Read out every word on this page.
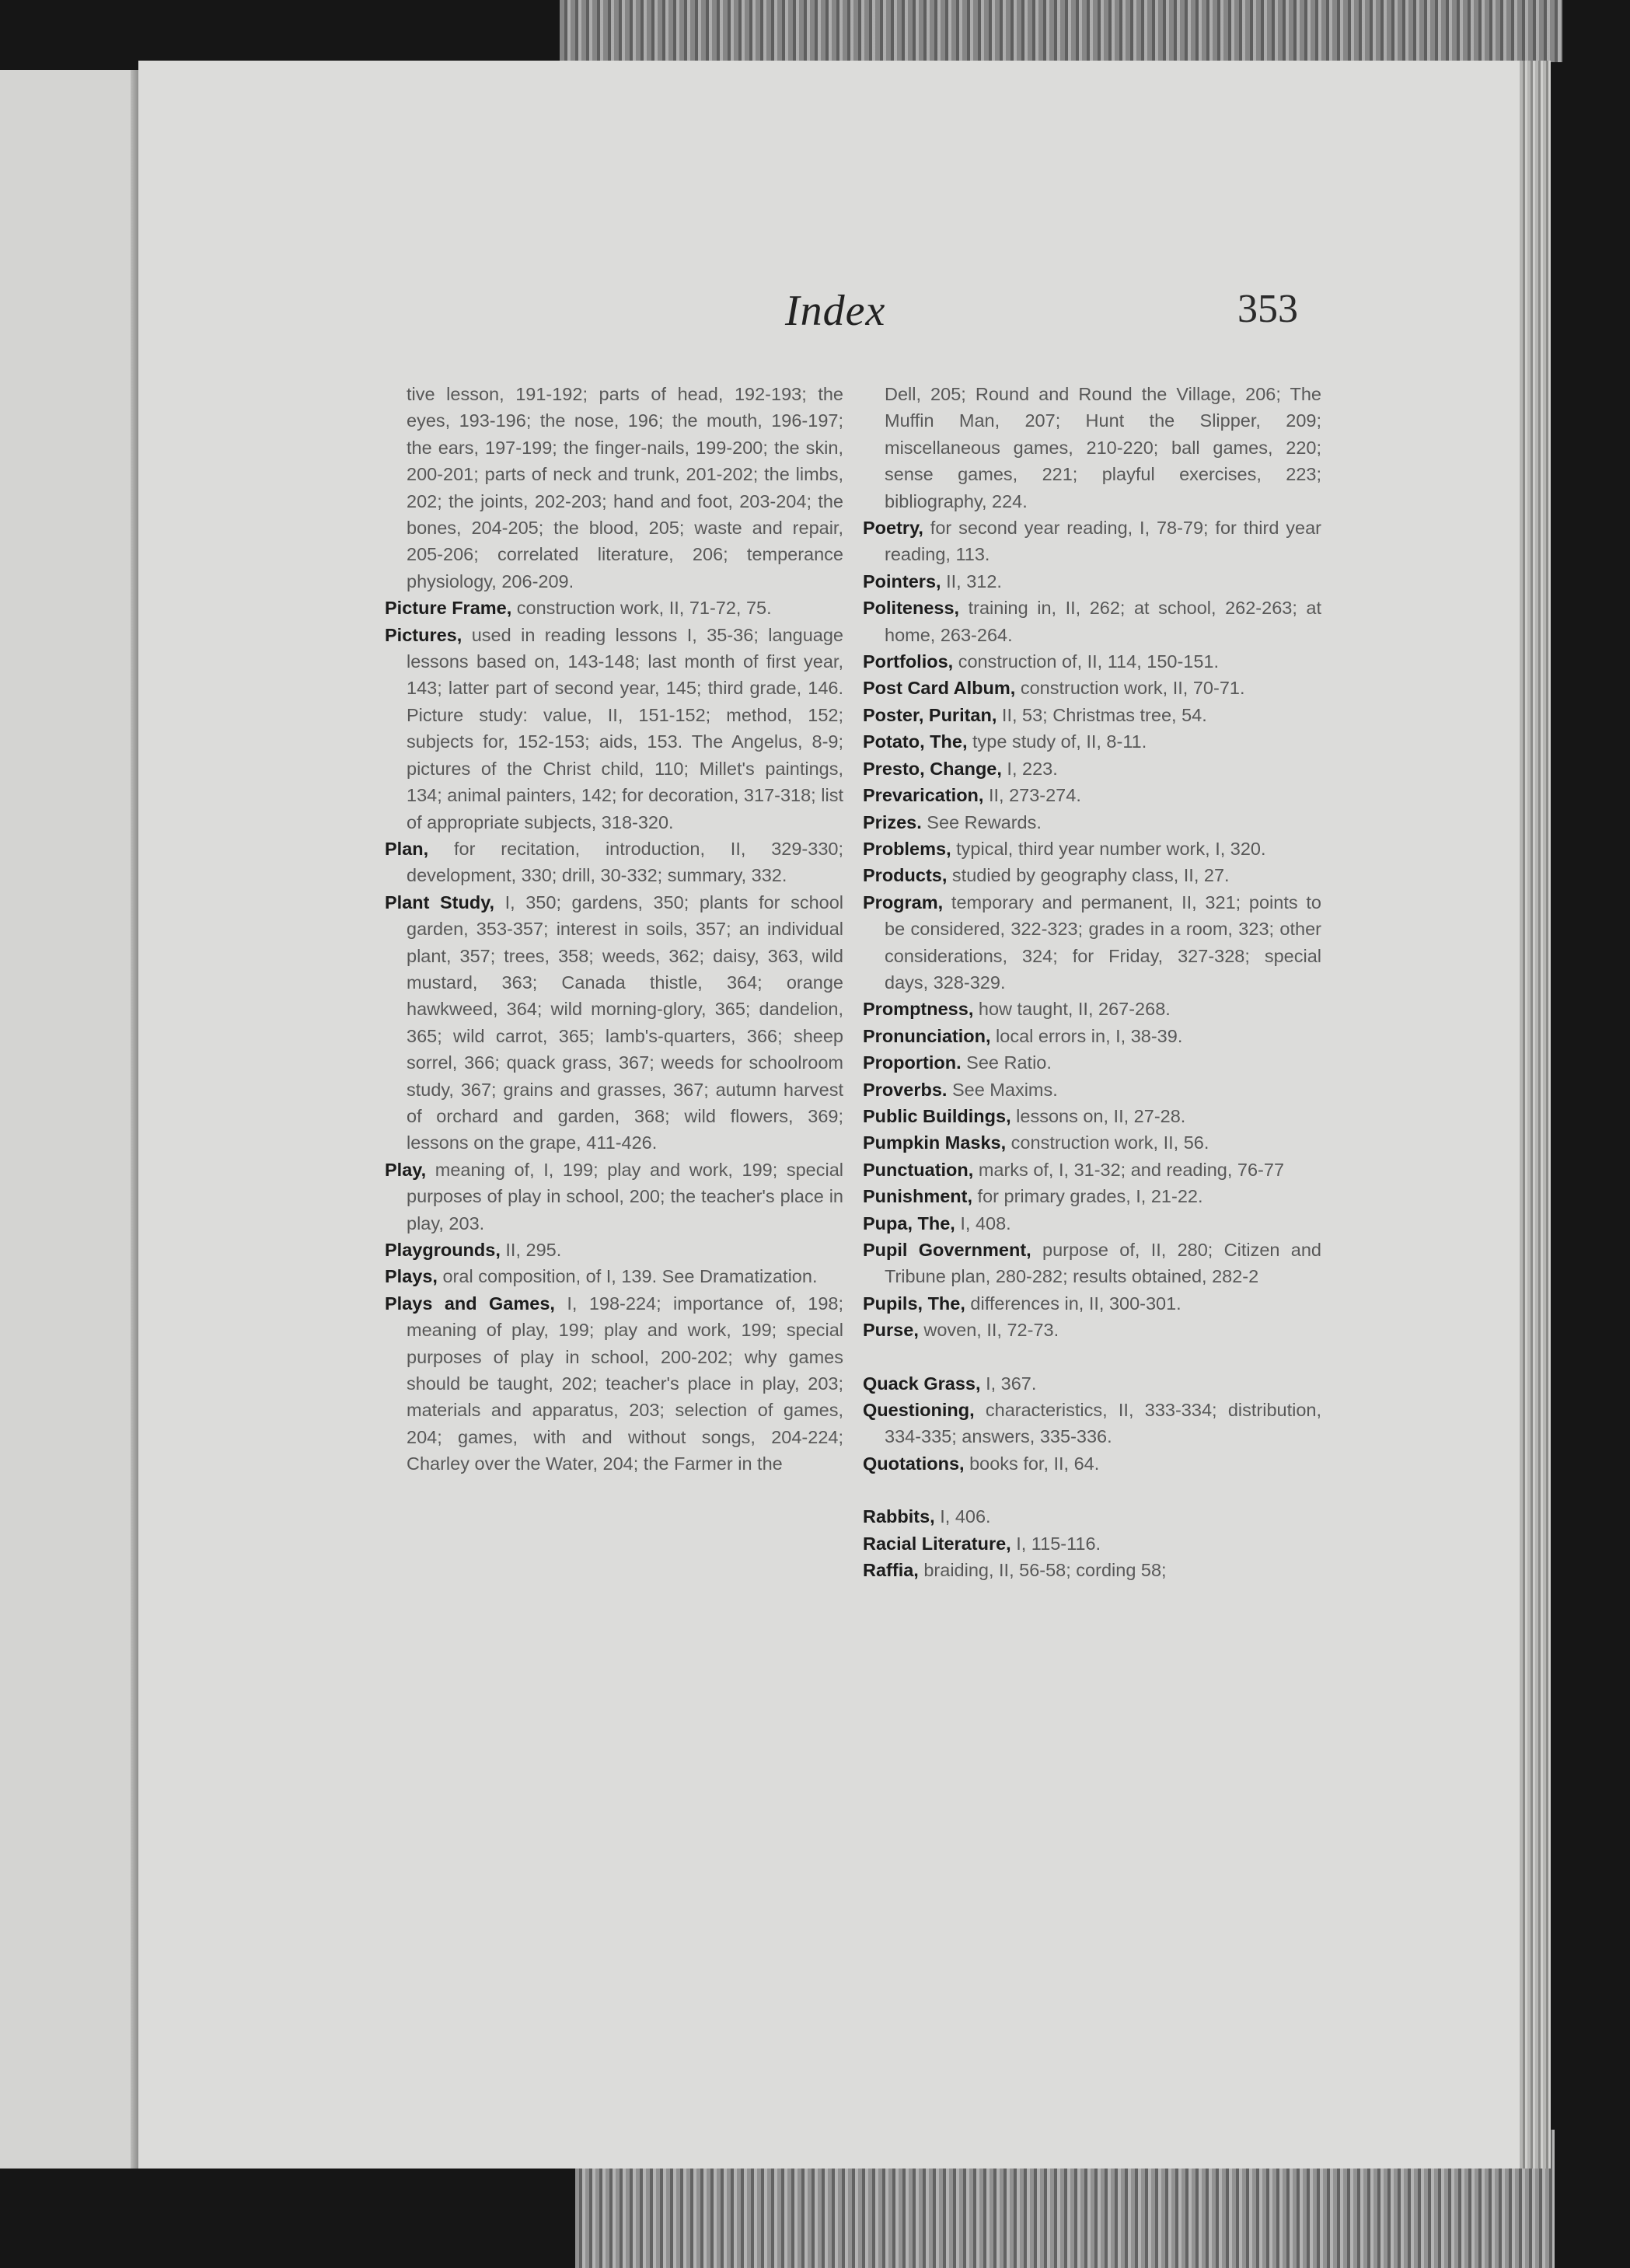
Index	353

tive lesson, 191-192; parts of head, 192-193; the eyes, 193-196; the nose, 196; the mouth, 196-197; the ears, 197-199; the finger-nails, 199-200; the skin, 200-201; parts of neck and trunk, 201-202; the limbs, 202; the joints, 202-203; hand and foot, 203-204; the bones, 204-205; the blood, 205; waste and repair, 205-206; correlated literature, 206; temperance physiology, 206-209.

Picture Frame, construction work, II, 71-72, 75.

Pictures, used in reading lessons I, 35-36; language lessons based on, 143-148; last month of first year, 143; latter part of second year, 145; third grade, 146. Picture study: value, II, 151-152; method, 152; subjects for, 152-153; aids, 153. The Angelus, 8-9; pictures of the Christ child, 110; Millet's paintings, 134; animal painters, 142; for decoration, 317-318; list of appropriate subjects, 318-320.

Plan, for recitation, introduction, II, 329-330; development, 330; drill, 30-332; summary, 332.

Plant Study, I, 350; gardens, 350; plants for school garden, 353-357; interest in soils, 357; an individual plant, 357; trees, 358; weeds, 362; daisy, 363, wild mustard, 363; Canada thistle, 364; orange hawkweed, 364; wild morning-glory, 365; dandelion, 365; wild carrot, 365; lamb's-quarters, 366; sheep sorrel, 366; quack grass, 367; weeds for schoolroom study, 367; grains and grasses, 367; autumn harvest of orchard and garden, 368; wild flowers, 369; lessons on the grape, 411-426.

Play, meaning of, I, 199; play and work, 199; special purposes of play in school, 200; the teacher's place in play, 203.

Playgrounds, II, 295.

Plays, oral composition, of I, 139. See Dramatization.

Plays and Games, I, 198-224; importance of, 198; meaning of play, 199; play and work, 199; special purposes of play in school, 200-202; why games should be taught, 202; teacher's place in play, 203; materials and apparatus, 203; selection of games, 204; games, with and without songs, 204-224; Charley over the Water, 204; the Farmer in the

Dell, 205; Round and Round the Village, 206; The Muffin Man, 207; Hunt the Slipper, 209; miscellaneous games, 210-220; ball games, 220; sense games, 221; playful exercises, 223; bibliography, 224.

Poetry, for second year reading, I, 78-79; for third year reading, 113.

Pointers, II, 312.

Politeness, training in, II, 262; at school, 262-263; at home, 263-264.

Portfolios, construction of, II, 114, 150-151.

Post Card Album, construction work, II, 70-71.

Poster, Puritan, II, 53; Christmas tree, 54.

Potato, The, type study of, II, 8-11.

Presto, Change, I, 223.

Prevarication, II, 273-274.

Prizes. See Rewards.

Problems, typical, third year number work, I, 320.

Products, studied by geography class, II, 27.

Program, temporary and permanent, II, 321; points to be considered, 322-323; grades in a room, 323; other considerations, 324; for Friday, 327-328; special days, 328-329.

Promptness, how taught, II, 267-268.

Pronunciation, local errors in, I, 38-39.

Proportion. See Ratio.

Proverbs. See Maxims.

Public Buildings, lessons on, II, 27-28.

Pumpkin Masks, construction work, II, 56.

Punctuation, marks of, I, 31-32; and reading, 76-77

Punishment, for primary grades, I, 21-22.

Pupa, The, I, 408.

Pupil Government, purpose of, II, 280; Citizen and Tribune plan, 280-282; results obtained, 282-2

Pupils, The, differences in, II, 300-301.

Purse, woven, II, 72-73.

Quack Grass, I, 367.

Questioning, characteristics, II, 333-334; distribution, 334-335; answers, 335-336.

Quotations, books for, II, 64.

Rabbits, I, 406.

Racial Literature, I, 115-116.

Raffia, braiding, II, 56-58; cording 58;
